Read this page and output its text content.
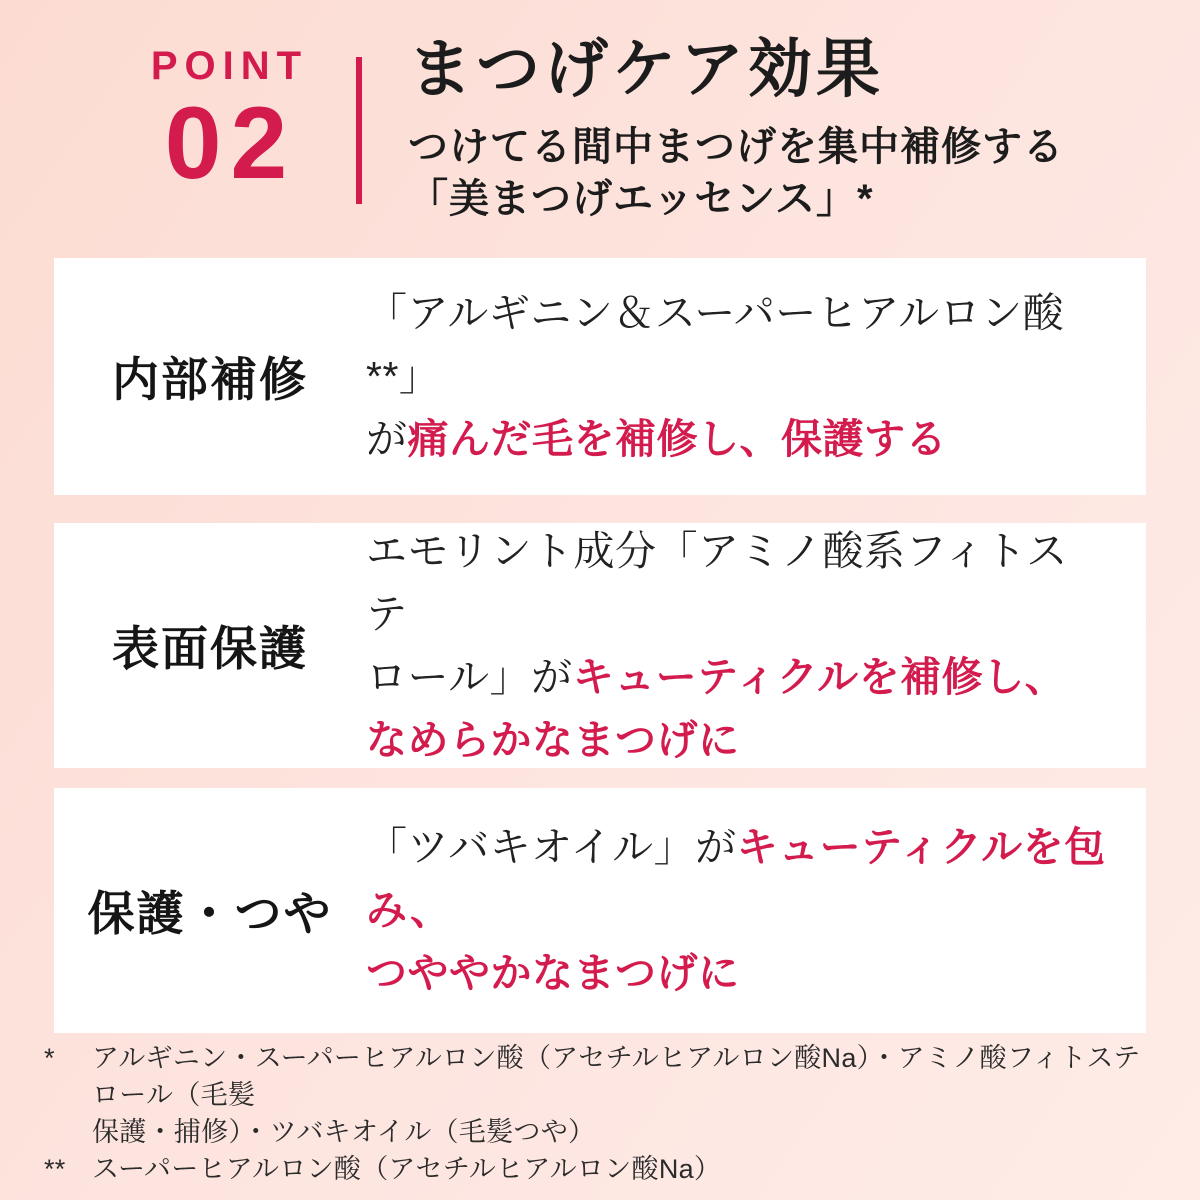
POINT
02
まつげケア効果
つけてる間中まつげを集中補修する
「美まつげエッセンス」*
内部補修
「アルギニン＆スーパーヒアルロン酸**」
が痛んだ毛を補修し、保護する
表面保護
エモリント成分「アミノ酸系フィトステ
ロール」がキューティクルを補修し、
なめらかなまつげに
保護・つや
「ツバキオイル」がキューティクルを包み、
つややかなまつげに
*	アルギニン・スーパーヒアルロン酸（アセチルヒアルロン酸Na）・アミノ酸フィトステロール（毛髪
保護・捕修）・ツバキオイル（毛髪つや）
** スーパーヒアルロン酸（アセチルヒアルロン酸Na）
